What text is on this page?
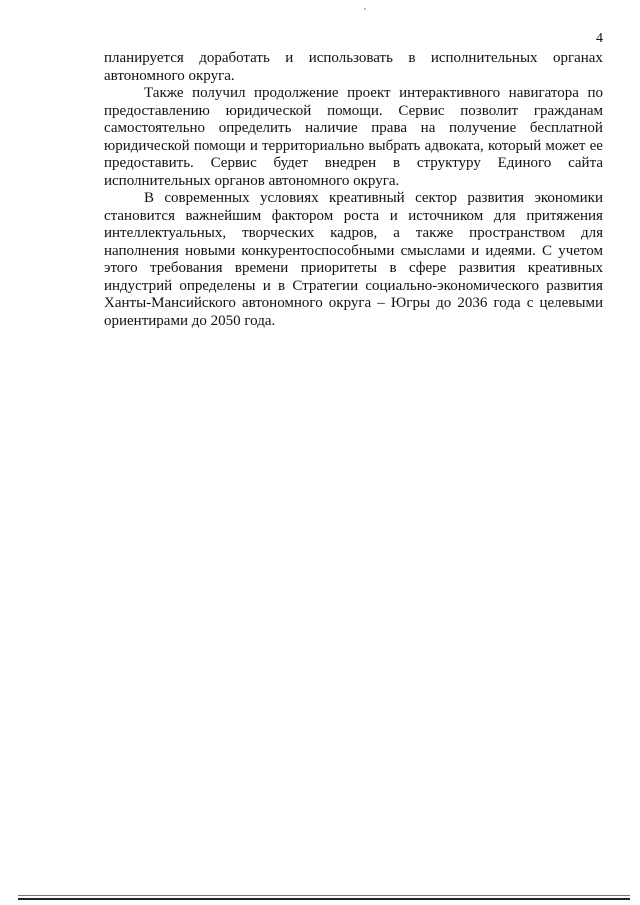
4
планируется доработать и использовать в исполнительных органах
автономного округа.
Также получил продолжение проект интерактивного навигатора по
предоставлению юридической помощи. Сервис позволит гражданам
самостоятельно определить наличие права на получение бесплатной
юридической помощи и территориально выбрать адвоката, который может ее
предоставить. Сервис будет внедрен в структуру Единого сайта
исполнительных органов автономного округа.
В современных условиях креативный сектор развития экономики
становится важнейшим фактором роста и источником для притяжения
интеллектуальных, творческих кадров, а также пространством для
наполнения новыми конкурентоспособными смыслами и идеями. С учетом
этого требования времени приоритеты в сфере развития креативных
индустрий определены и в Стратегии социально-экономического развития
Ханты-Мансийского автономного округа – Югры до 2036 года с целевыми
ориентирами до 2050 года.
